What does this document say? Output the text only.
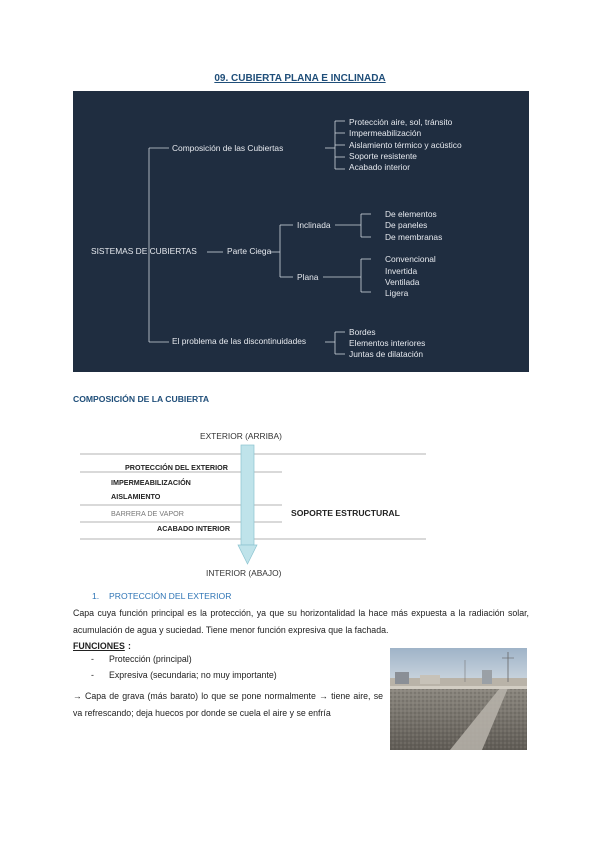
09. CUBIERTA PLANA E INCLINADA
Composición de las Cubiertas
Protección aire, sol, tránsito
Impermeabilización
Aislamiento térmico y acústico
Soporte resistente
Acabado interior
SISTEMAS DE CUBIERTAS	Parte Ciega
Inclinada
De elementos
De paneles
De membranas
Plana
Convencional
Invertida
Ventilada
Ligera
El problema de las discontinuidades
Bordes
Elementos interiores
Juntas de dilatación
COMPOSICIÓN DE LA CUBIERTA
EXTERIOR (ARRIBA)
INTERIOR (ABAJO)
PROTECCIÓN DEL EXTERIOR
IMPERMEABILIZACIÓN
AISLAMIENTO
BARRERA DE VAPOR
ACABADO INTERIOR
SOPORTE ESTRUCTURAL
1. PROTECCIÓN DEL EXTERIOR
Capa cuya función principal es la protección, ya que su horizontalidad la hace más expuesta a la radiación solar, acumulación de agua y suciedad. Tiene menor función expresiva que la fachada.
FUNCIONES :
- Protección (principal)
- Expresiva (secundaria; no muy importante)
→ Capa de grava (más barato) lo que se pone normalmente → tiene aire, se va refrescando; deja huecos por donde se cuela el aire y se enfría
